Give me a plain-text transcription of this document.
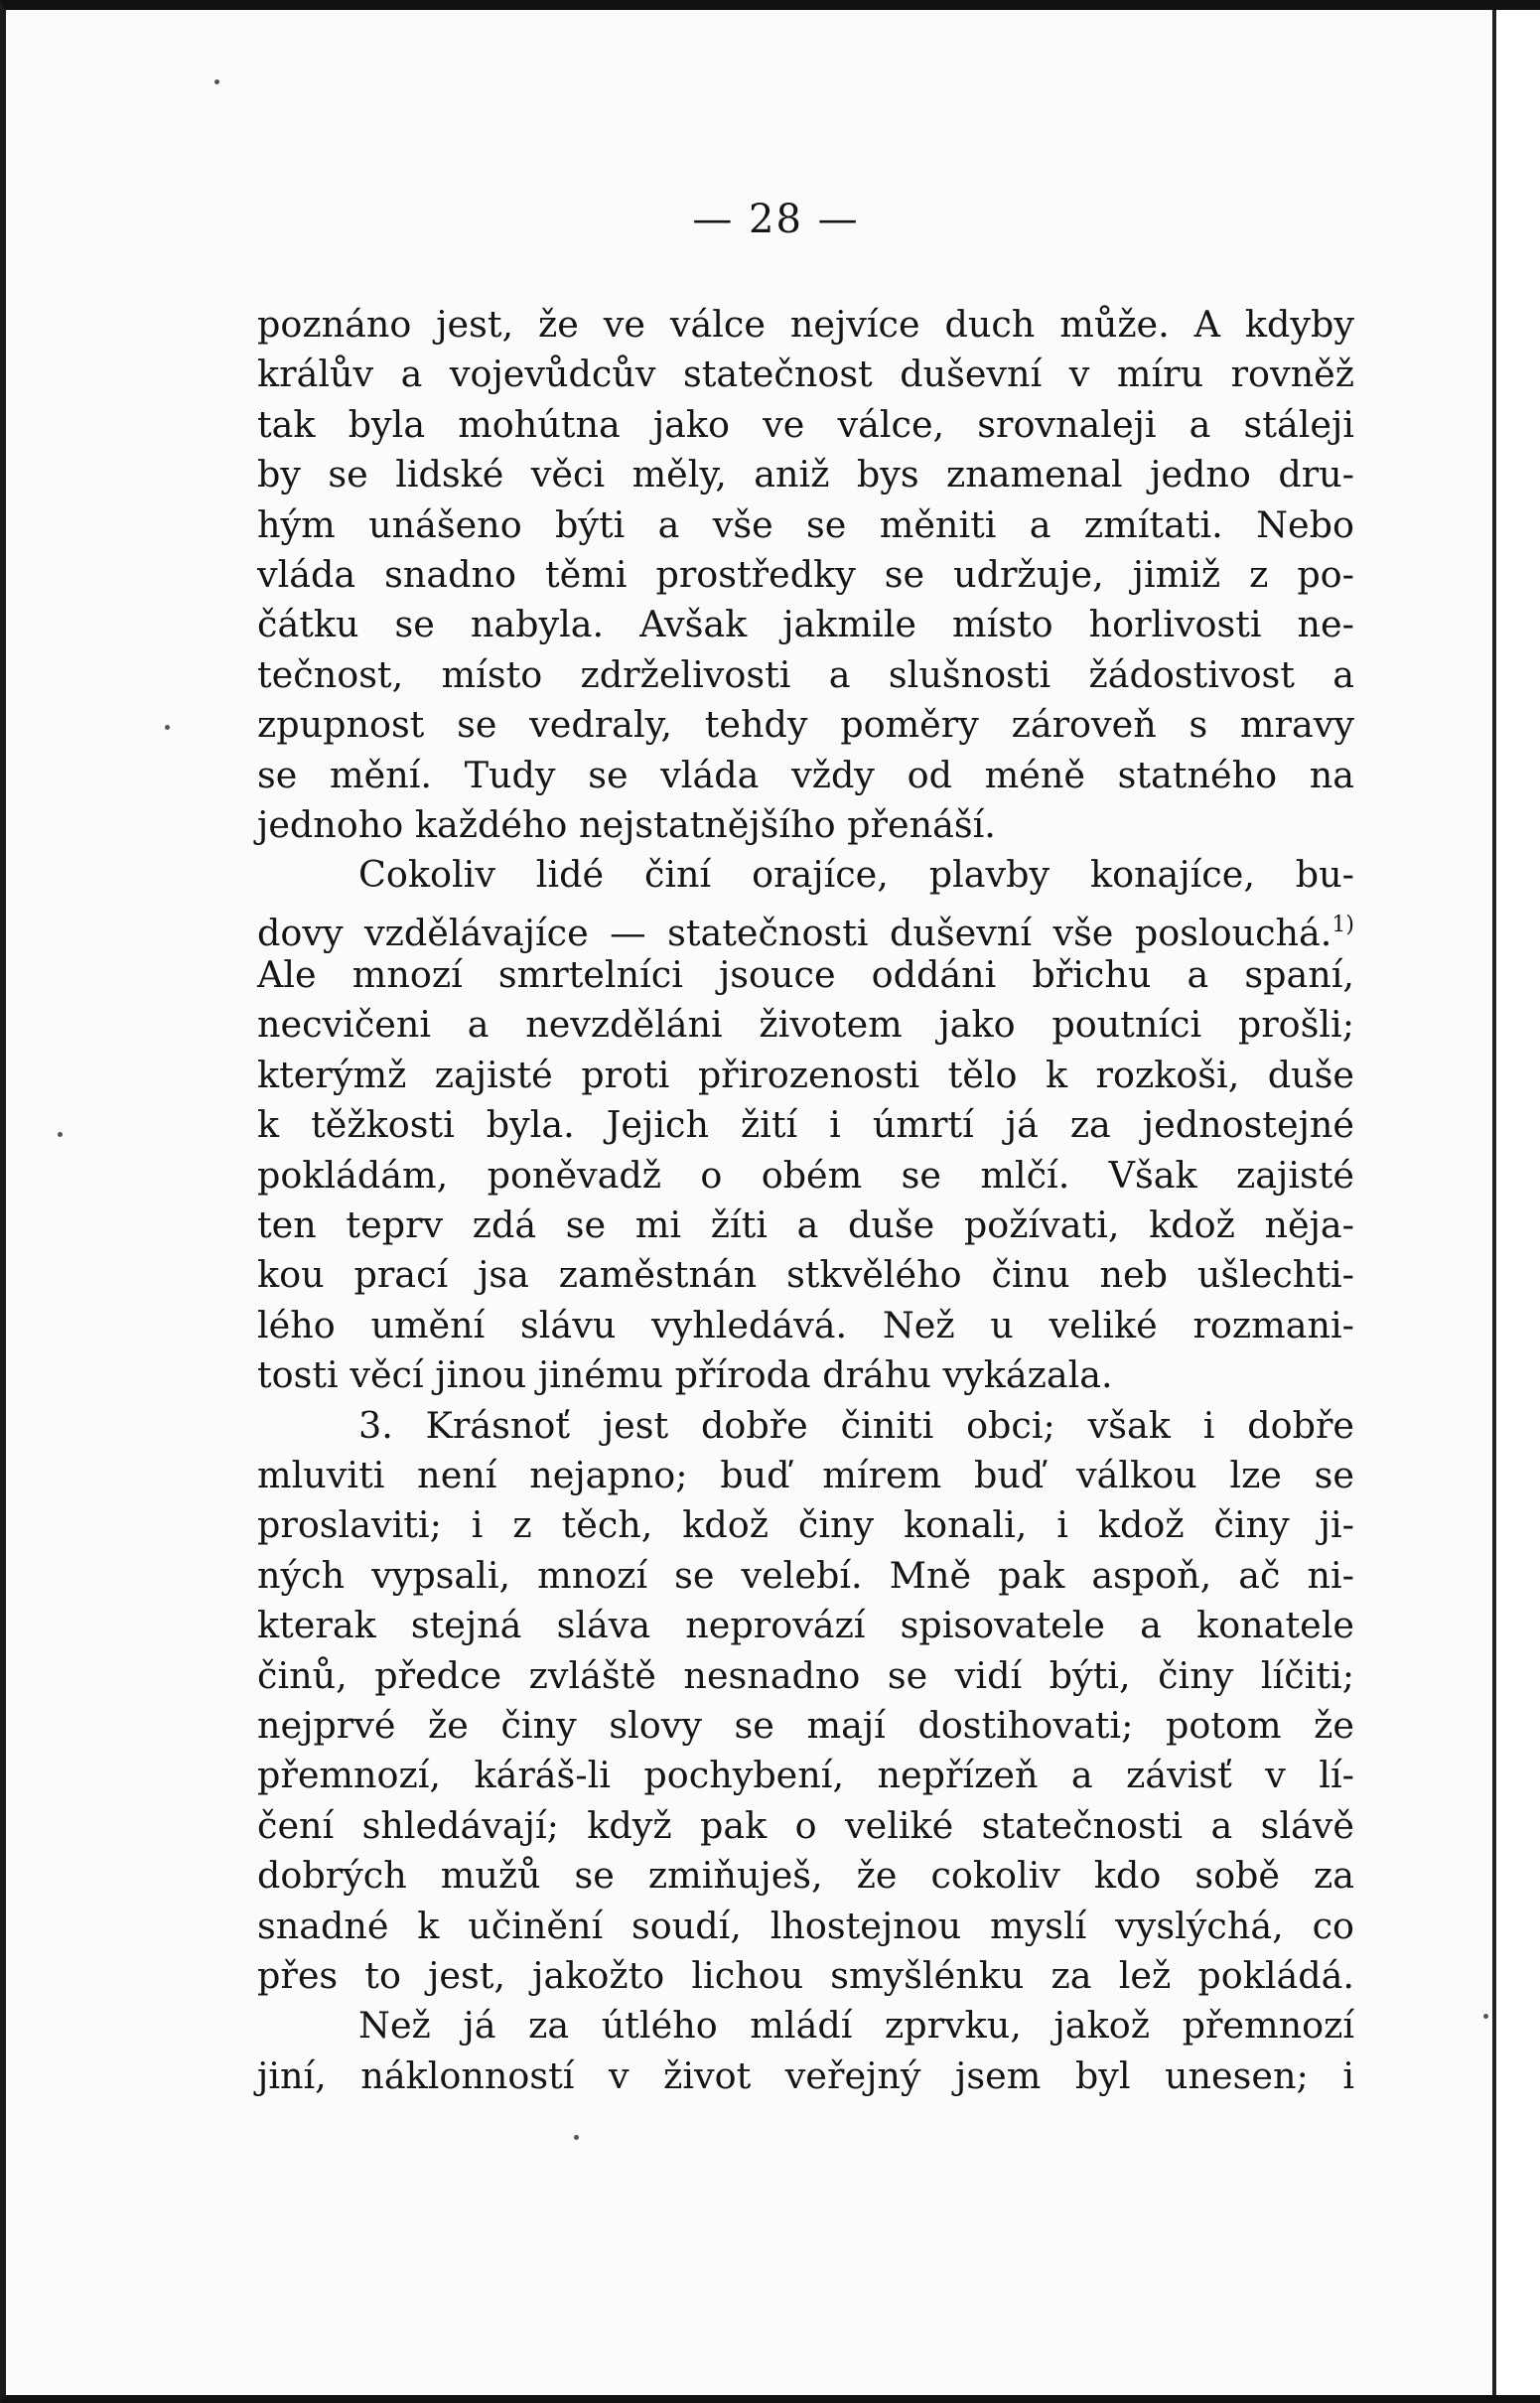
— 28 —
poznáno jest, že ve válce nejvíce duch může. A kdyby
králův a vojevůdcův statečnost duševní v míru rovněž
tak byla mohútna jako ve válce, srovnaleji a stáleji
by se lidské věci měly, aniž bys znamenal jedno dru-
hým unášeno býti a vše se měniti a zmítati. Nebo
vláda snadno těmi prostředky se udržuje, jimiž z po-
čátku se nabyla. Avšak jakmile místo horlivosti ne-
tečnost, místo zdrželivosti a slušnosti žádostivost a
zpupnost se vedraly, tehdy poměry zároveň s mravy
se mění. Tudy se vláda vždy od méně statného na
jednoho každého nejstatnějšího přenáší.
Cokoliv lidé činí orajíce, plavby konajíce, bu-
dovy vzdělávajíce — statečnosti duševní vše poslouchá.$^{1)}$
Ale mnozí smrtelníci jsouce oddáni břichu a spaní,
necvičeni a nevzděláni životem jako poutníci prošli;
kterýmž zajisté proti přirozenosti tělo k rozkoši, duše
k těžkosti byla. Jejich žití i úmrtí já za jednostejné
pokládám, poněvadž o obém se mlčí. Však zajisté
ten teprv zdá se mi žíti a duše požívati, kdož něja-
kou prací jsa zaměstnán stkvělého činu neb ušlechti-
lého umění slávu vyhledává. Než u veliké rozmani-
tosti věcí jinou jinému příroda dráhu vykázala.
3. Krásnoť jest dobře činiti obci; však i dobře
mluviti není nejapno; buď mírem buď válkou lze se
proslaviti; i z těch, kdož činy konali, i kdož činy ji-
ných vypsali, mnozí se velebí. Mně pak aspoň, ač ni-
kterak stejná sláva neprovází spisovatele a konatele
činů, předce zvláště nesnadno se vidí býti, činy líčiti;
nejprvé že činy slovy se mají dostihovati; potom že
přemnozí, káráš-li pochybení, nepřízeň a závisť v lí-
čení shledávají; když pak o veliké statečnosti a slávě
dobrých mužů se zmiňuješ, že cokoliv kdo sobě za
snadné k učinění soudí, lhostejnou myslí vyslýchá, co
přes to jest, jakožto lichou smyšlénku za lež pokládá.
Než já za útlého mládí zprvku, jakož přemnozí
jiní, náklonností v život veřejný jsem byl unesen; i
